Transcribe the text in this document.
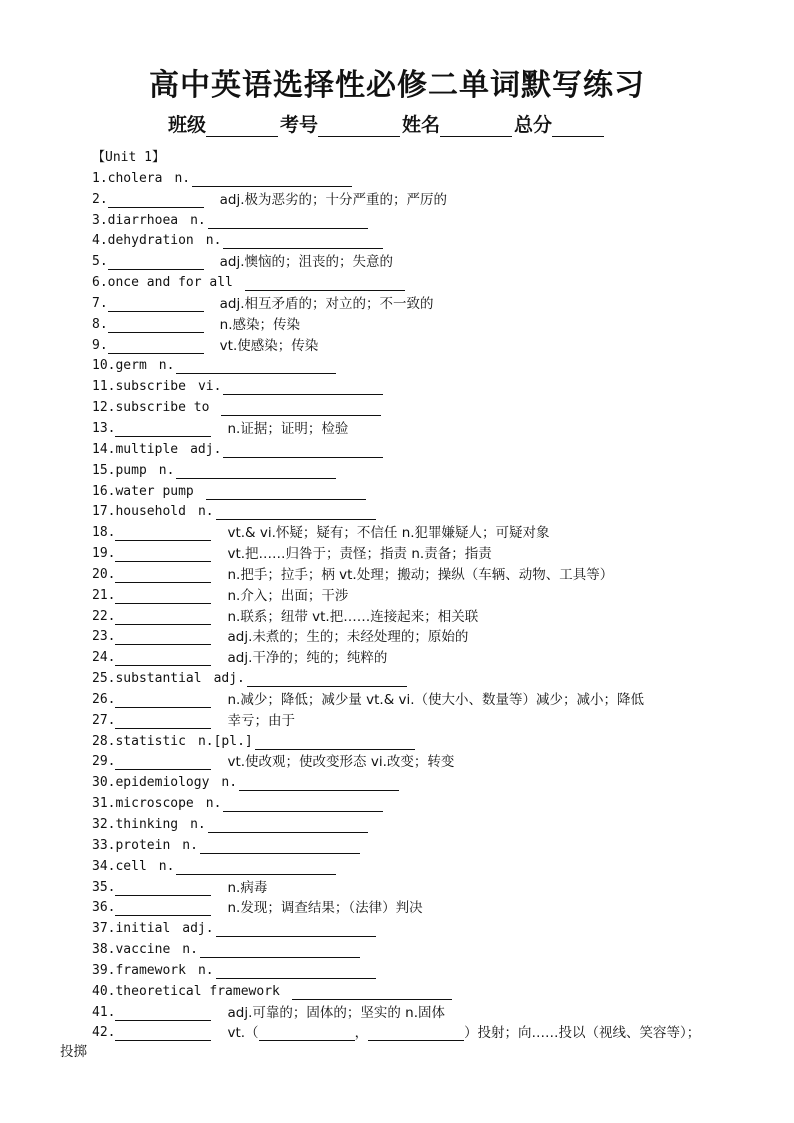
高中英语选择性必修二单词默写练习
班级	考号	姓名	总分
【Unit 1】
1. cholera n.
2.	adj.极为恶劣的；十分严重的；严厉的
3. diarrhoea n.
4. dehydration n.
5.	adj.懊恼的；沮丧的；失意的
6. once and for all
7.	adj.相互矛盾的；对立的；不一致的
8.	n.感染；传染
9.	vt.使感染；传染
10. germ n.
11. subscribe vi.
12. subscribe to
13.	n.证据；证明；检验
14. multiple adj.
15. pump n.
16. water pump
17. household n.
18.	vt.& vi.怀疑；疑有；不信任 n.犯罪嫌疑人；可疑对象
19.	vt.把……归咎于；责怪；指责 n.责备；指责
20.	n.把手；拉手；柄 vt.处理；搬动；操纵（车辆、动物、工具等）
21.	n.介入；出面；干涉
22.	n.联系；纽带 vt.把……连接起来；相关联
23.	adj.未煮的；生的；未经处理的；原始的
24.	adj.干净的；纯的；纯粹的
25. substantial adj.
26.	n.减少；降低；减少量 vt.& vi.（使大小、数量等）减少；减小；降低
27.	幸亏；由于
28. statistic n.[pl.]
29.	vt.使改观；使改变形态 vi.改变；转变
30. epidemiology n.
31. microscope n.
32. thinking n.
33. protein n.
34. cell n.
35.	n.病毒
36.	n.发现；调查结果；（法律）判决
37. initial adj.
38. vaccine n.
39. framework n.
40. theoretical framework
41.	adj.可靠的；固体的；坚实的 n.固体
42.	vt.（	，	）投射；向……投以（视线、笑容等）；
投掷
